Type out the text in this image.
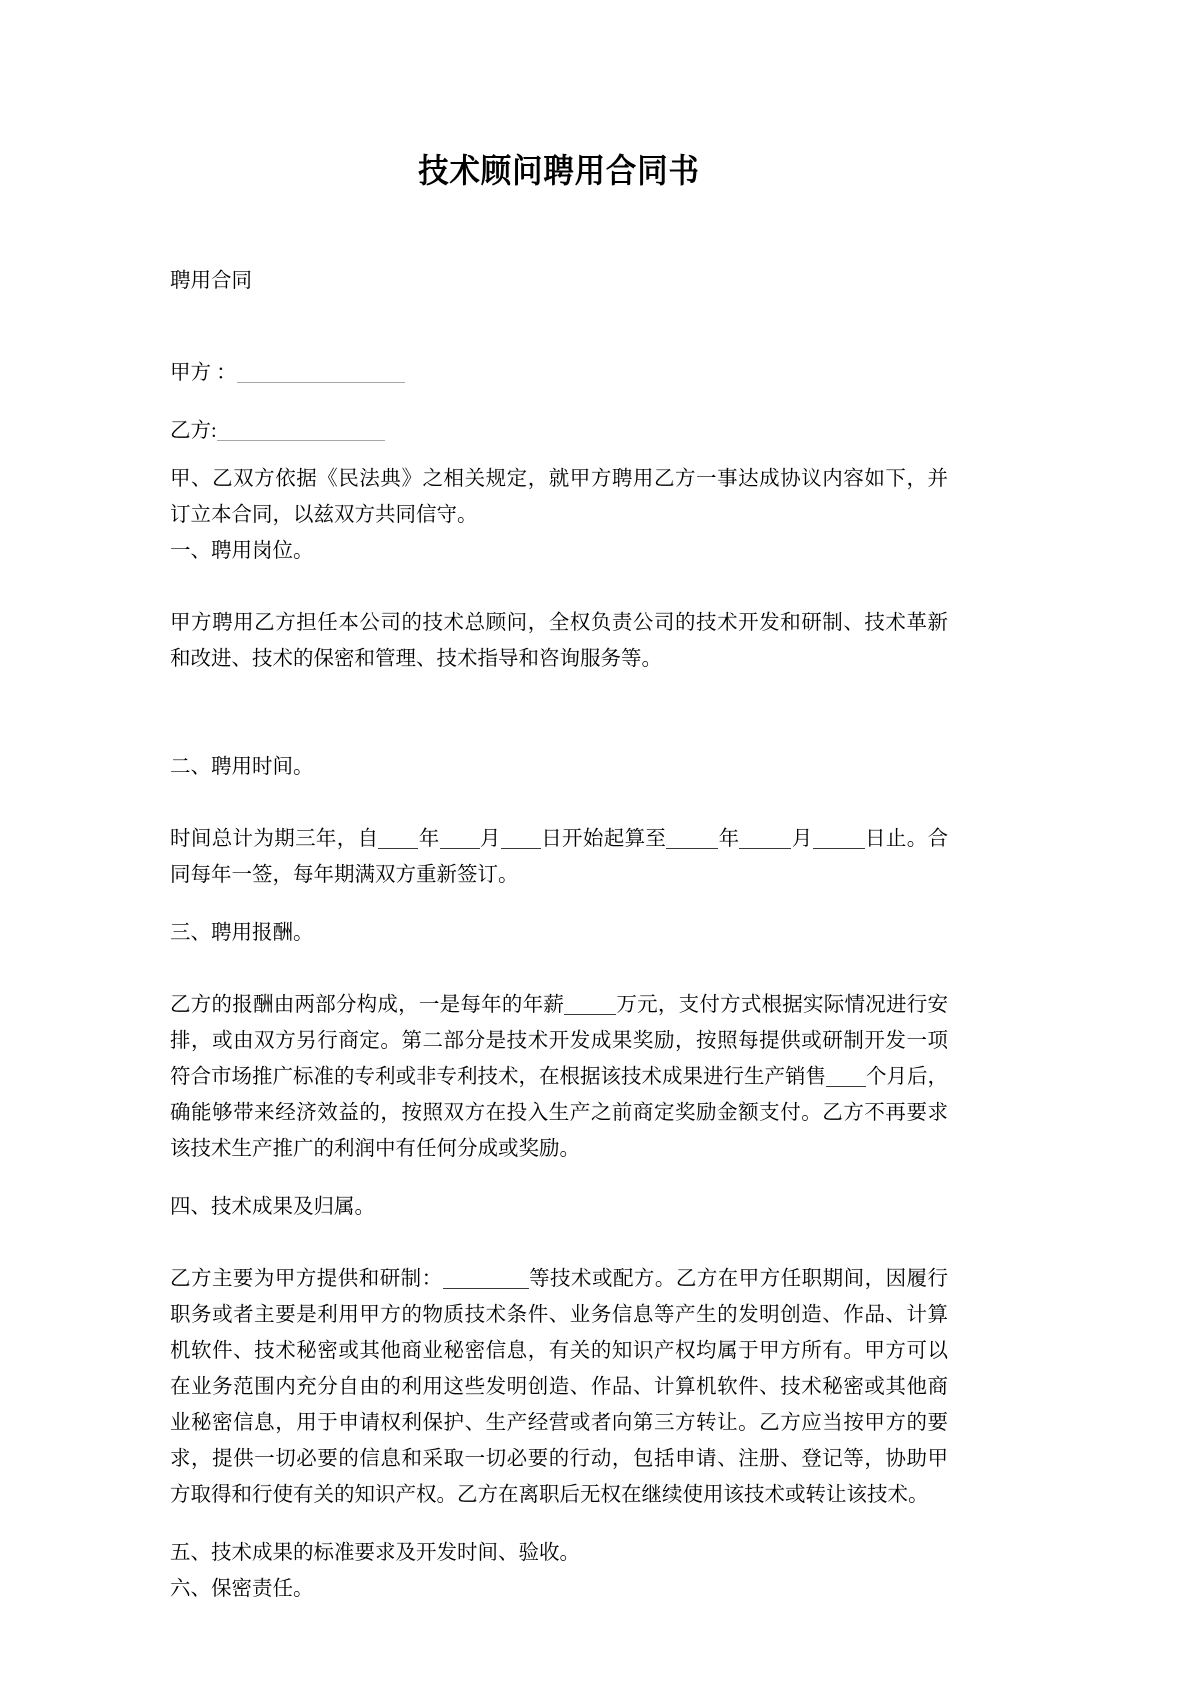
技术顾问聘用合同书

聘用合同

甲方 ：

乙方:

甲、乙双方依据《民法典》之相关规定，就甲方聘用乙方一事达成协议内容如下，并订立本合同，以兹双方共同信守。

一、聘用岗位。

甲方聘用乙方担任本公司的技术总顾问，全权负责公司的技术开发和研制、技术革新和改进、技术的保密和管理、技术指导和咨询服务等。

二、聘用时间。

时间总计为期三年，自 年 月 日开始起算至	年	月	日止。合同每年一签，每年期满双方重新签订。

三、聘用报酬。

乙方的报酬由两部分构成，一是每年的年薪	万元，支付方式根据实际情况进行安排，或由双方另行商定。第二部分是技术开发成果奖励，按照每提供或研制开发一项符合市场推广标准的专利或非专利技术，在根据该技术成果进行生产销售 个月后，确能够带来经济效益的，按照双方在投入生产之前商定奖励金额支付。乙方不再要求该技术生产推广的利润中有任何分成或奖励。

四、技术成果及归属。

乙方主要为甲方提供和研制：	等技术或配方。乙方在甲方任职期间，因履行职务或者主要是利用甲方的物质技术条件、业务信息等产生的发明创造、作品、计算机软件、技术秘密或其他商业秘密信息，有关的知识产权均属于甲方所有。甲方可以在业务范围内充分自由的利用这些发明创造、作品、计算机软件、技术秘密或其他商业秘密信息，用于申请权利保护、生产经营或者向第三方转让。乙方应当按甲方的要求，提供一切必要的信息和采取一切必要的行动，包括申请、注册、登记等，协助甲方取得和行使有关的知识产权。乙方在离职后无权在继续使用该技术或转让该技术。

五、技术成果的标准要求及开发时间、验收。

六、保密责任。
